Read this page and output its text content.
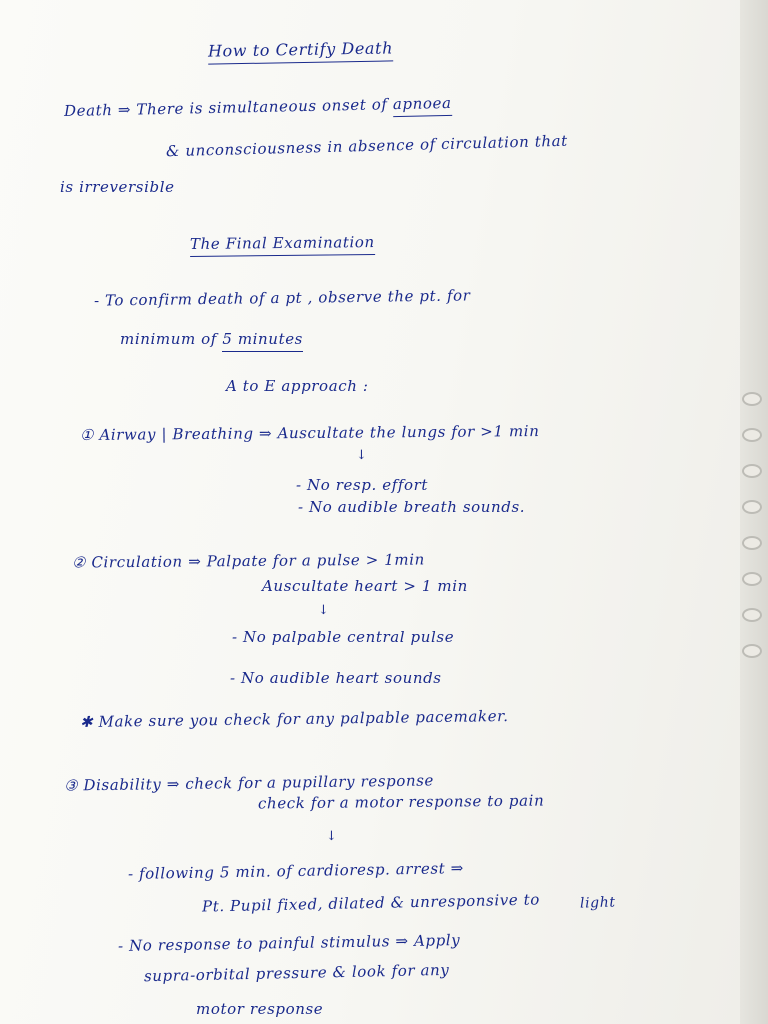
How to Certify Death
Death ⇒ There is simultaneous onset of apnoea
& unconsciousness in absence of circulation that
is irreversible
The Final Examination
- To confirm death of a pt , observe the pt. for
minimum of 5 minutes
A to E approach :
① Airway | Breathing ⇒ Auscultate the lungs for >1 min
↓
- No resp. effort
- No audible breath sounds.
② Circulation ⇒ Palpate for a pulse > 1min
Auscultate heart > 1 min
↓
- No palpable central pulse
- No audible heart sounds
✱ Make sure you check for any palpable pacemaker.
③ Disability ⇒ check for a pupillary response
check for a motor response to pain
↓
- following 5 min. of cardioresp. arrest ⇒
Pt. Pupil fixed, dilated & unresponsive to	light
- No response to painful stimulus ⇒ Apply
supra-orbital pressure & look for any
motor response
